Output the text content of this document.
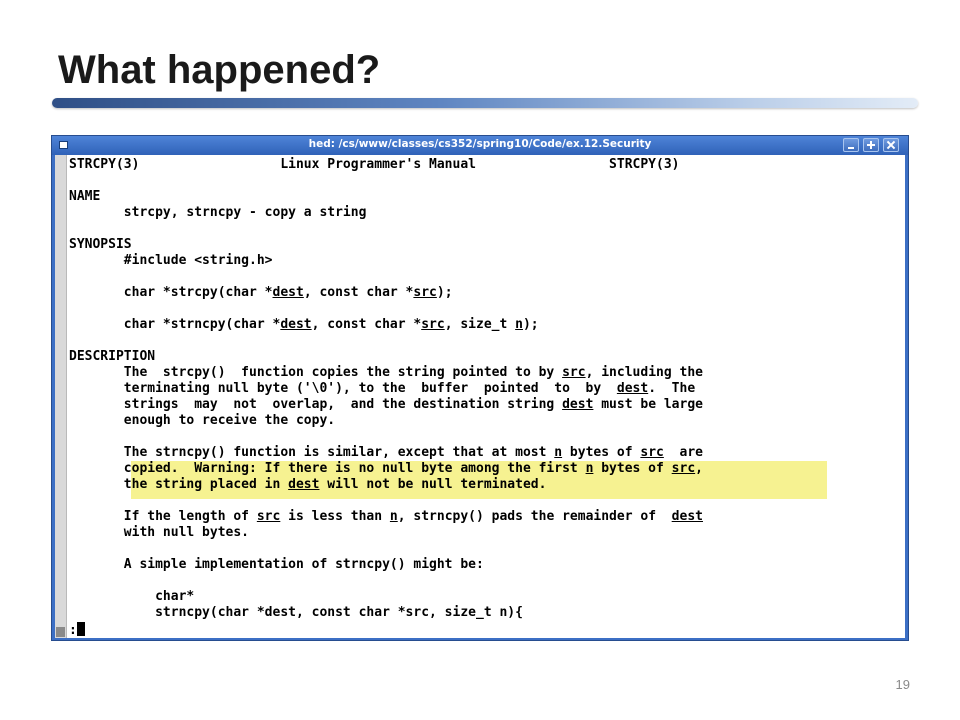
What happened?
hed: /cs/www/classes/cs352/spring10/Code/ex.12.Security
STRCPY(3)                  Linux Programmer's Manual                 STRCPY(3)
NAME
strcpy, strncpy - copy a string
SYNOPSIS
#include <string.h>
char *strcpy(char *dest, const char *src);
char *strncpy(char *dest, const char *src, size_t n);
DESCRIPTION
The  strcpy()  function copies the string pointed to by src, including the
terminating null byte ('\0'), to the  buffer  pointed  to  by  dest.  The
strings  may  not  overlap,  and the destination string dest must be large
enough to receive the copy.
The strncpy() function is similar, except that at most n bytes of src  are
copied.  Warning: If there is no null byte among the first n bytes of src,
the string placed in dest will not be null terminated.
If the length of src is less than n, strncpy() pads the remainder of  dest
with null bytes.
A simple implementation of strncpy() might be:
char*
strncpy(char *dest, const char *src, size_t n){
:
19
